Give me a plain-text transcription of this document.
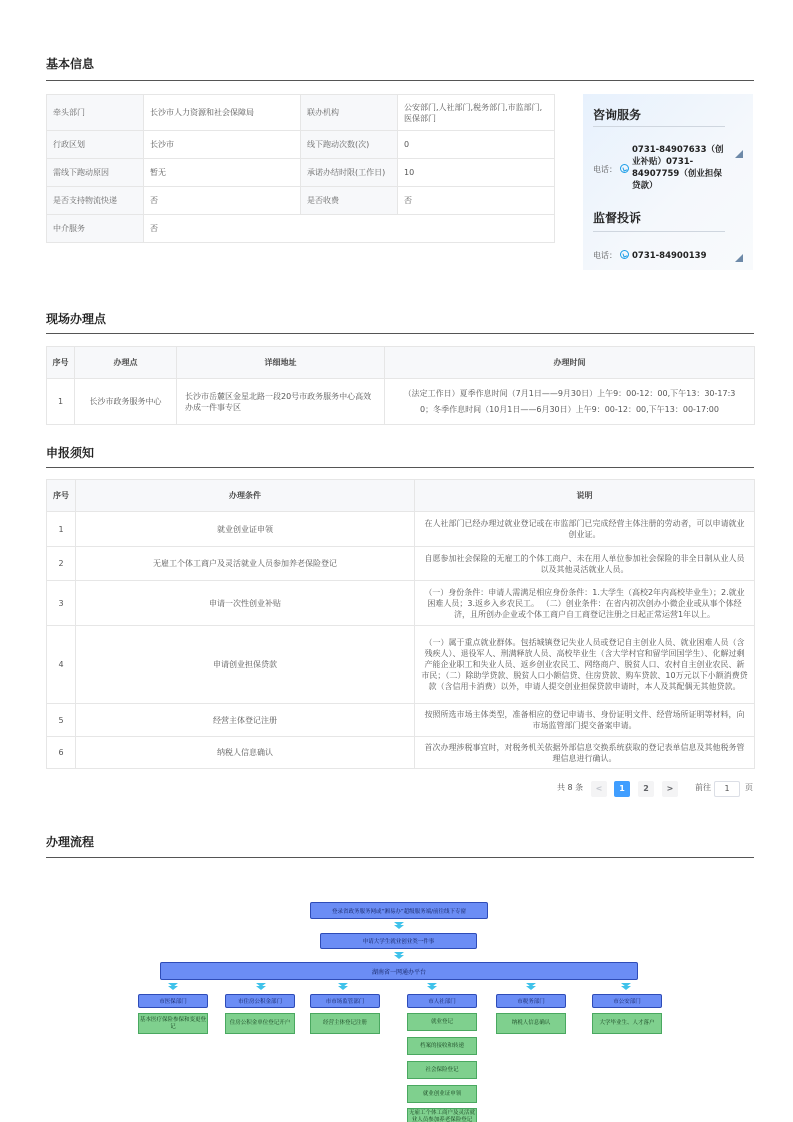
基本信息
牵头部门	长沙市人力资源和社会保障局	联办机构	公安部门,人社部门,税务部门,市监部门,医保部门
行政区划	长沙市	线下跑动次数(次)	0
需线下跑动原因	暂无	承诺办结时限(工作日)	10
是否支持物流快递	否	是否收费	否
中介服务	否		
咨询服务
电话：
0731-84907633（创业补贴）0731-84907759（创业担保贷款）
监督投诉
电话： 0731-84900139
现场办理点
序号	办理点	详细地址	办理时间
1	长沙市政务服务中心	长沙市岳麓区金星北路一段20号市政务服务中心高效办成一件事专区	（法定工作日）夏季作息时间（7月1日——9月30日）上午9：00-12：00,下午13：30-17:30；冬季作息时间（10月1日——6月30日）上午9：00-12：00,下午13：00-17:00
申报须知
序号	办理条件	说明
1	就业创业证申领	在人社部门已经办理过就业登记或在市监部门已完成经营主体注册的劳动者，可以申请就业创业证。
2	无雇工个体工商户及灵活就业人员参加养老保险登记	自愿参加社会保险的无雇工的个体工商户、未在用人单位参加社会保险的非全日制从业人员以及其他灵活就业人员。
3	申请一次性创业补贴	（一）身份条件：申请人需满足相应身份条件：1.大学生（高校2年内高校毕业生）；2.就业困难人员；3.返乡入乡农民工。 （二）创业条件：在省内初次创办小微企业或从事个体经济，且所创办企业或个体工商户自工商登记注册之日起正常运营1年以上。
4	申请创业担保贷款	（一）属于重点就业群体。包括城镇登记失业人员或登记自主创业人员、就业困难人员（含残疾人）、退役军人、刑满释放人员、高校毕业生（含大学村官和留学回国学生）、化解过剩产能企业职工和失业人员、返乡创业农民工、网络商户、脱贫人口、农村自主创业农民、新市民；（二）除助学贷款、脱贫人口小额信贷、住房贷款、购车贷款、10万元以下小额消费贷款（含信用卡消费）以外，申请人提交创业担保贷款申请时，本人及其配偶无其他贷款。
5	经营主体登记注册	按照所选市场主体类型，准备相应的登记申请书、身份证明文件、经营场所证明等材料，向市场监管部门提交备案申请。
6	纳税人信息确认	首次办理涉税事宜时，对税务机关依据外部信息交换系统获取的登记表单信息及其他税务管理信息进行确认。
共 8 条	<	1	2	>	前往	1	页
办理流程
登录省政务服务网或“湘易办”超级服务端/前往线下专窗
申请大学生就业创业类一件事
湖南省一网通办平台
市医保部门
基本医疗保险参保和变更登记
市住房公积金部门
住房公积金单位登记开户
市市场监管部门
经营主体登记注册
市人社部门
就业登记
档案的接收和转递
社会保险登记
就业创业证申领
无雇工个体工商户及灵活就业人员参加养老保险登记
市税务部门
纳税人信息确认
市公安部门
大学毕业生、人才落户
